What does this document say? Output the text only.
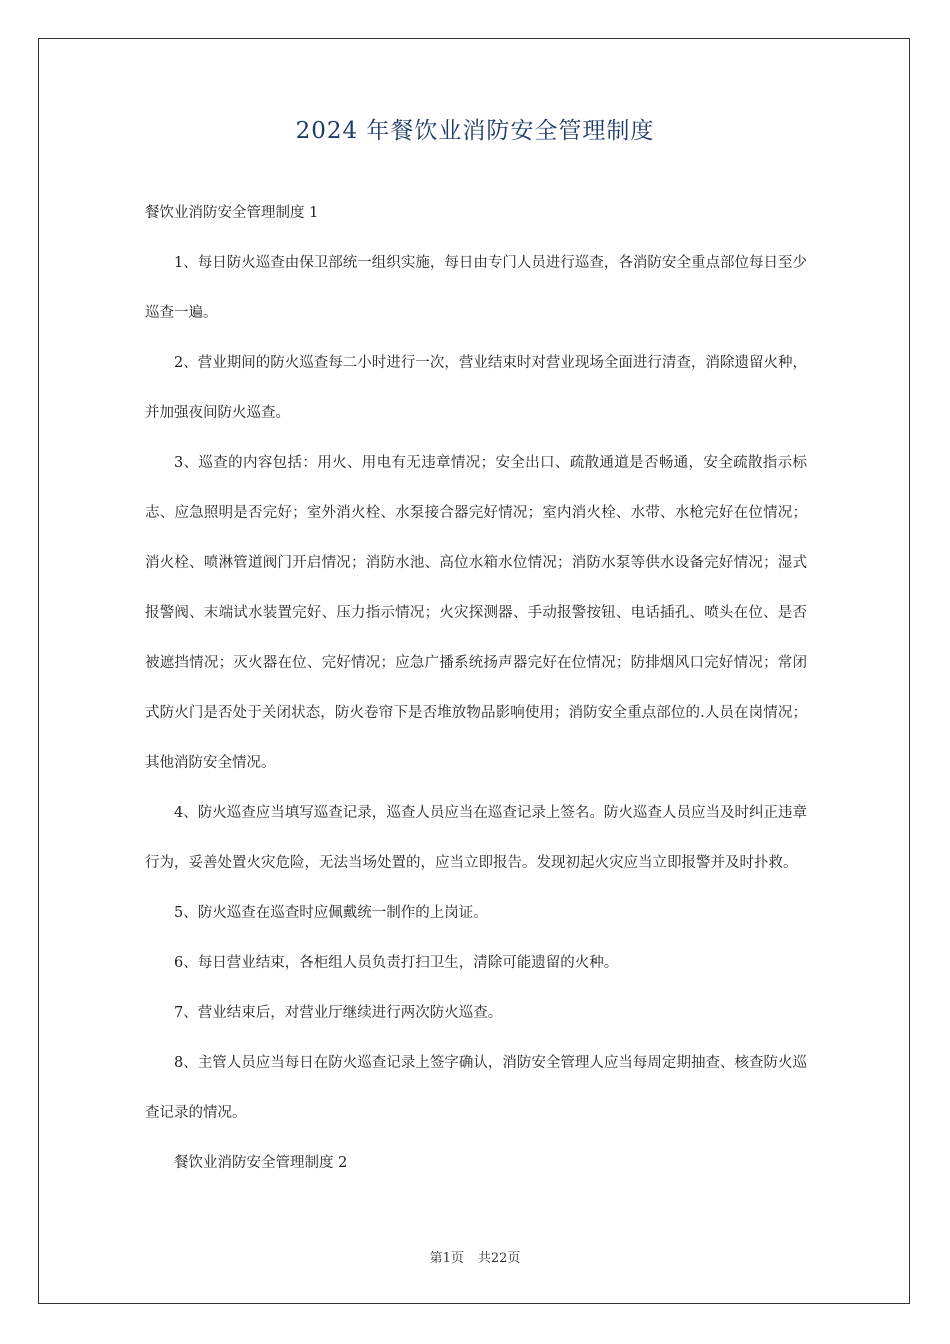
2024 年餐饮业消防安全管理制度

餐饮业消防安全管理制度 1

1、每日防火巡查由保卫部统一组织实施，每日由专门人员进行巡查，各消防安全重点部位每日至少巡查一遍。

2、营业期间的防火巡查每二小时进行一次，营业结束时对营业现场全面进行清查，消除遗留火种，并加强夜间防火巡查。

3、巡查的内容包括：用火、用电有无违章情况；安全出口、疏散通道是否畅通，安全疏散指示标志、应急照明是否完好；室外消火栓、水泵接合器完好情况；室内消火栓、水带、水枪完好在位情况；消火栓、喷淋管道阀门开启情况；消防水池、高位水箱水位情况；消防水泵等供水设备完好情况；湿式报警阀、末端试水装置完好、压力指示情况；火灾探测器、手动报警按钮、电话插孔、喷头在位、是否被遮挡情况；灭火器在位、完好情况；应急广播系统扬声器完好在位情况；防排烟风口完好情况；常闭式防火门是否处于关闭状态，防火卷帘下是否堆放物品影响使用；消防安全重点部位的.人员在岗情况；其他消防安全情况。

4、防火巡查应当填写巡查记录，巡查人员应当在巡查记录上签名。防火巡查人员应当及时纠正违章行为，妥善处置火灾危险，无法当场处置的，应当立即报告。发现初起火灾应当立即报警并及时扑救。

5、防火巡查在巡查时应佩戴统一制作的上岗证。

6、每日营业结束，各柜组人员负责打扫卫生，清除可能遗留的火种。

7、营业结束后，对营业厅继续进行两次防火巡查。

8、主管人员应当每日在防火巡查记录上签字确认，消防安全管理人应当每周定期抽查、核查防火巡查记录的情况。

餐饮业消防安全管理制度 2

第1页 共22页
